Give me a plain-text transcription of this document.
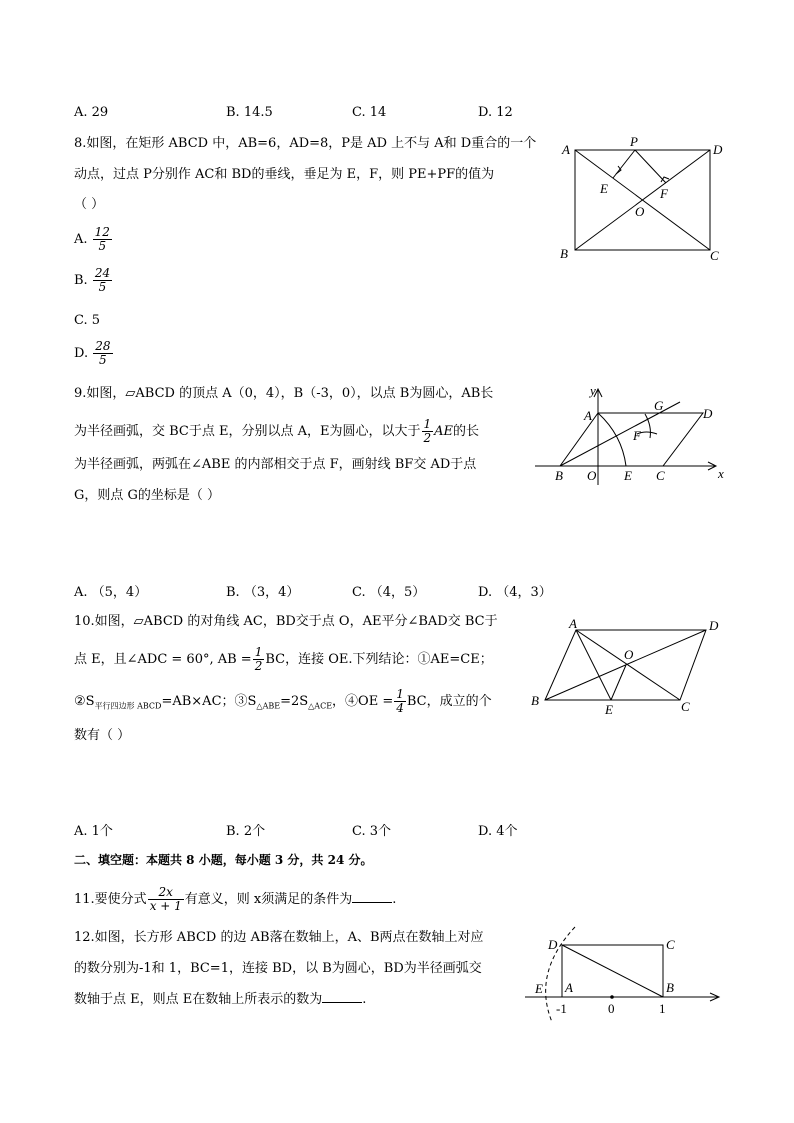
A. 29	B. 14.5	C. 14	D. 12
8.如图，在矩形 ABCD 中，AB=6，AD=8，P是 AD 上不与 A和 D重合的一个
动点，过点 P分别作 AC和 BD的垂线，垂足为 E，F，则 PE+PF的值为
（ ）
A. $\frac{12}{5}$
B. $\frac{24}{5}$
C. 5
D. $\frac{28}{5}$
A	D
P
E	F
O
B	C
9.如图，▱ABCD 的顶点 A（0，4），B（-3，0），以点 B为圆心，AB长
为半径画弧，交 BC于点 E，分别以点 A，E为圆心，以大于 $\frac{1}{2}$ AE的长
为半径画弧，两弧在∠ABE 的内部相交于点 F，画射线 BF交 AD于点
G，则点 G的坐标是（ ）
y
x
A
G
D
F
B O E C
A. （5，4）	B. （3，4）	C. （4，5）	D. （4，3）
10.如图，▱ABCD 的对角线 AC，BD交于点 O，AE平分∠BAD交 BC于
点 E，且∠ADC = 60°, AB = $\frac{1}{2}$ BC，连接 OE.下列结论：①AE=CE；
$②S_{平行四边形 ABCD}=AB\times AC$；$③S_{\triangle ABE}=2S_{\triangle ACE}$，④OE = $\frac{1}{4}$ BC，成立的个
数有（ ）
A	D
O
B
E	C
A. 1个	B. 2个	C. 3个	D. 4个
二、填空题：本题共 8 小题，每小题 3 分，共 24 分。
11.要使分式 $\frac{2x}{x + 1}$ 有意义，则 x须满足的条件为	.
12.如图，长方形 ABCD 的边 AB落在数轴上，A、B两点在数轴上对应
的数分别为-1和 1，BC=1，连接 BD，以 B为圆心，BD为半径画弧交
数轴于点 E，则点 E在数轴上所表示的数为	.
D	C
E A	B
-1	0	1
